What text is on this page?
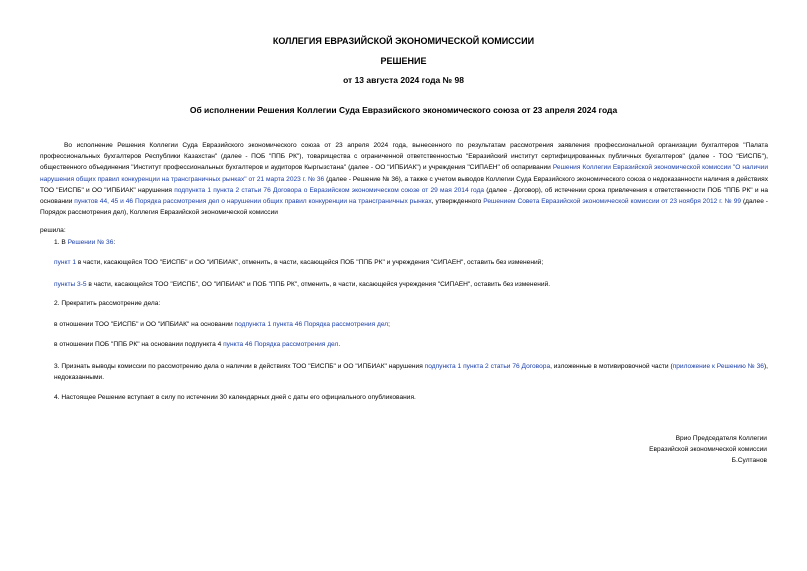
КОЛЛЕГИЯ ЕВРАЗИЙСКОЙ ЭКОНОМИЧЕСКОЙ КОМИССИИ
РЕШЕНИЕ
от 13 августа 2024 года № 98
Об исполнении Решения Коллегии Суда Евразийского экономического союза от 23 апреля 2024 года
Во исполнение Решения Коллегии Суда Евразийского экономического союза от 23 апреля 2024 года, вынесенного по результатам рассмотрения заявления профессиональной организации бухгалтеров "Палата профессиональных бухгалтеров Республики Казахстан" (далее - ПОБ "ППБ РК"), товарищества с ограниченной ответственностью "Евразийский институт сертифицированных публичных бухгалтеров" (далее - ТОО "ЕИСПБ"), общественного объединения "Институт профессиональных бухгалтеров и аудиторов Кыргызстана" (далее - ОО "ИПБИАК") и учреждения "СИПАЕН" об оспаривании Решения Коллегии Евразийской экономической комиссии "О наличии нарушения общих правил конкуренции на трансграничных рынках" от 21 марта 2023 г. № 36 (далее - Решение № 36), а также с учетом выводов Коллегии Суда Евразийского экономического союза о недоказанности наличия в действиях ТОО "ЕИСПБ" и ОО "ИПБИАК" нарушения подпункта 1 пункта 2 статьи 76 Договора о Евразийском экономическом союзе от 29 мая 2014 года (далее - Договор), об истечении срока привлечения к ответственности ПОБ "ППБ РК" и на основании пунктов 44, 45 и 46 Порядка рассмотрения дел о нарушении общих правил конкуренции на трансграничных рынках, утвержденного Решением Совета Евразийской экономической комиссии от 23 ноября 2012 г. № 99 (далее - Порядок рассмотрения дел), Коллегия Евразийской экономической комиссии
решила:
1. В Решении № 36:
пункт 1 в части, касающейся ТОО "ЕИСПБ" и ОО "ИПБИАК", отменить, в части, касающейся ПОБ "ППБ РК" и учреждения "СИПАЕН", оставить без изменений;
пункты 3-5 в части, касающейся ТОО "ЕИСПБ", ОО "ИПБИАК" и ПОБ "ППБ РК", отменить, в части, касающейся учреждения "СИПАЕН", оставить без изменений.
2. Прекратить рассмотрение дела:
в отношении ТОО "ЕИСПБ" и ОО "ИПБИАК" на основании подпункта 1 пункта 46 Порядка рассмотрения дел;
в отношении ПОБ "ППБ РК" на основании подпункта 4 пункта 46 Порядка рассмотрения дел.
3. Признать выводы комиссии по рассмотрению дела о наличии в действиях ТОО "ЕИСПБ" и ОО "ИПБИАК" нарушения подпункта 1 пункта 2 статьи 76 Договора, изложенные в мотивировочной части (приложение к Решению № 36), недоказанными.
4. Настоящее Решение вступает в силу по истечении 30 календарных дней с даты его официального опубликования.
Врио Председателя Коллегии
Евразийской экономической комиссии
Б.Султанов
